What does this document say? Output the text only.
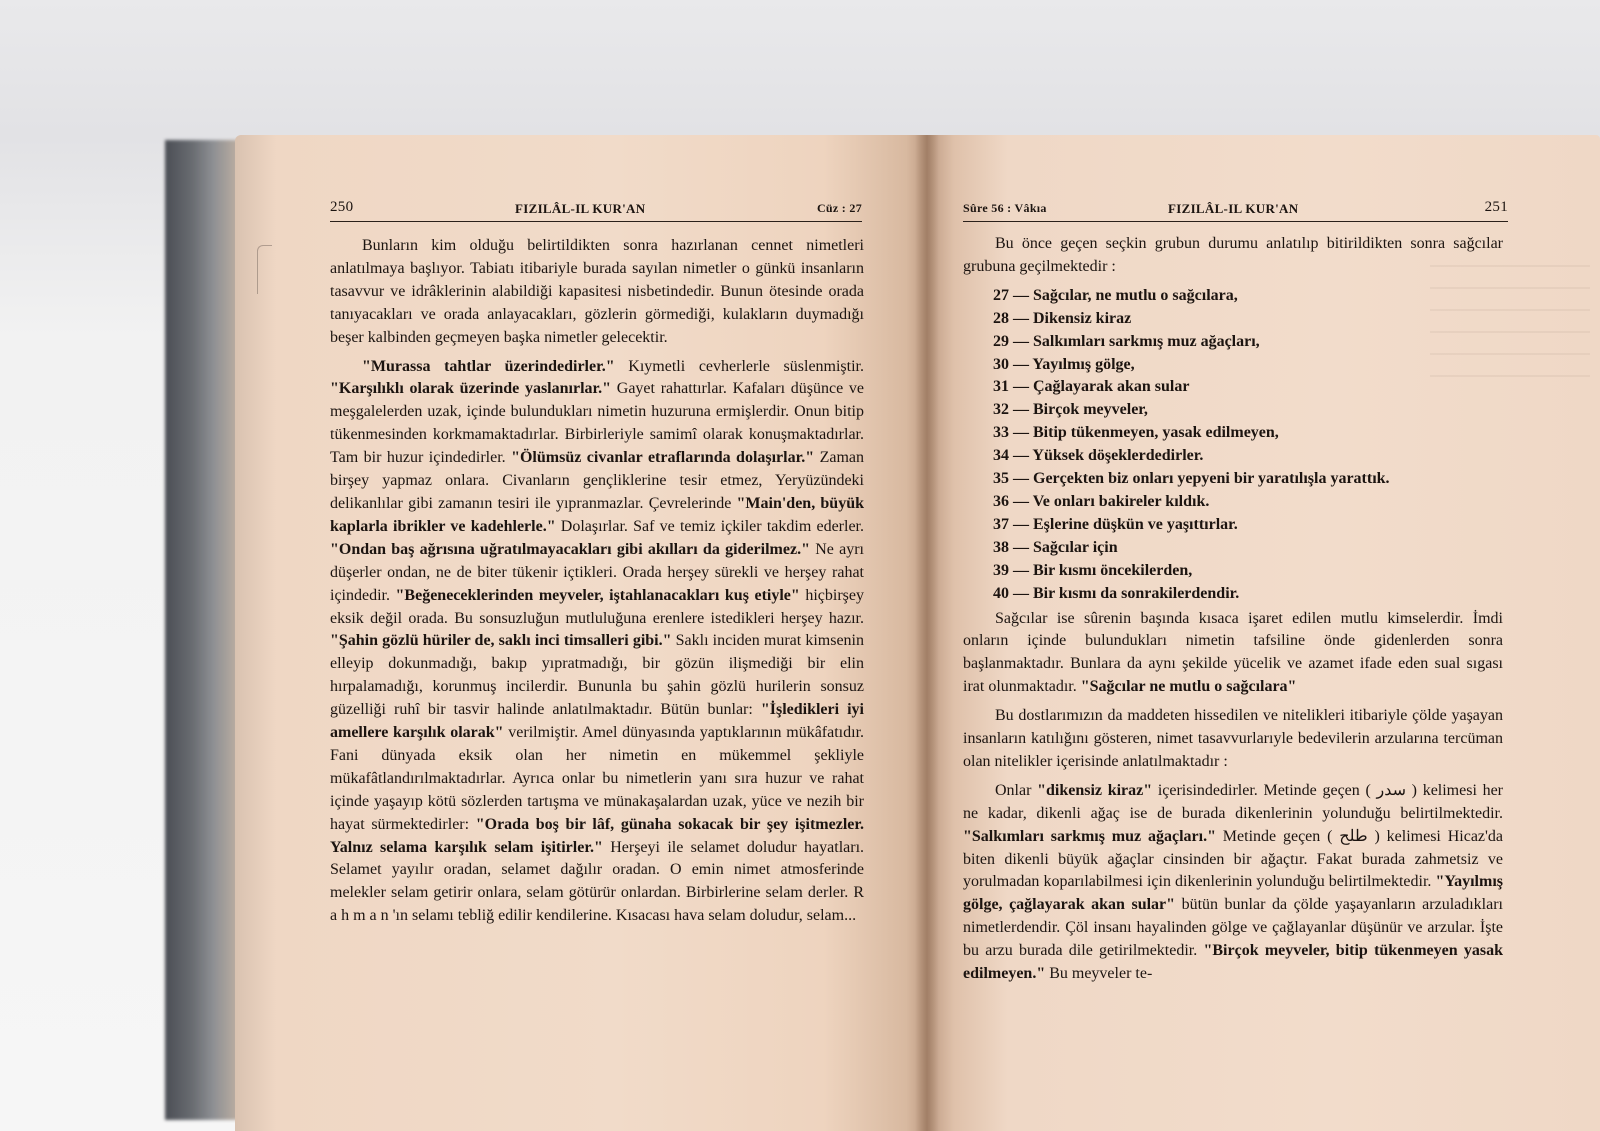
250	FIZILÂL-IL KUR'AN	Cüz : 27

Bunların kim olduğu belirtildikten sonra hazırlanan cennet nimetleri anlatılmaya başlıyor. Tabiatı itibariyle burada sayılan nimetler o günkü insanların tasavvur ve idrâklerinin alabildiği kapasitesi nisbetindedir. Bunun ötesinde orada tanıyacakları ve orada anlayacakları, gözlerin görmediği, kulakların duymadığı beşer kalbinden geçmeyen başka nimetler gelecektir.

"Murassa tahtlar üzerindedirler." Kıymetli cevherlerle süslenmiştir. "Karşılıklı olarak üzerinde yaslanırlar." Gayet rahattırlar. Kafaları düşünce ve meşgalelerden uzak, içinde bulundukları nimetin huzuruna ermişlerdir. Onun bitip tükenmesinden korkmamaktadırlar. Birbirleriyle samimî olarak konuşmaktadırlar. Tam bir huzur içindedirler. "Ölümsüz civanlar etraflarında dolaşırlar." Zaman birşey yapmaz onlara. Civanların gençliklerine tesir etmez, Yeryüzündeki delikanlılar gibi zamanın tesiri ile yıpranmazlar. Çevrelerinde "Main'den, büyük kaplarla ibrikler ve kadehlerle." Dolaşırlar. Saf ve temiz içkiler takdim ederler. "Ondan baş ağrısına uğratılmayacakları gibi akılları da giderilmez." Ne ayrı düşerler ondan, ne de biter tükenir içtikleri. Orada herşey sürekli ve herşey rahat içindedir. "Beğeneceklerinden meyveler, iştahlanacakları kuş etiyle" hiçbirşey eksik değil orada. Bu sonsuzluğun mutluluğuna erenlere istedikleri herşey hazır. "Şahin gözlü hüriler de, saklı inci timsalleri gibi." Saklı inciden murat kimsenin elleyip dokunmadığı, bakıp yıpratmadığı, bir gözün ilişmediği bir elin hırpalamadığı, korunmuş incilerdir. Bununla bu şahin gözlü hurilerin sonsuz güzelliği ruhî bir tasvir halinde anlatılmaktadır. Bütün bunlar: "İşledikleri iyi amellere karşılık olarak" verilmiştir. Amel dünyasında yaptıklarının mükâfatıdır. Fani dünyada eksik olan her nimetin en mükemmel şekliyle mükafâtlandırılmaktadırlar. Ayrıca onlar bu nimetlerin yanı sıra huzur ve rahat içinde yaşayıp kötü sözlerden tartışma ve münakaşalardan uzak, yüce ve nezih bir hayat sürmektedirler: "Orada boş bir lâf, günaha sokacak bir şey işitmezler. Yalnız selama karşılık selam işitirler." Herşeyi ile selamet doludur hayatları. Selamet yayılır oradan, selamet dağılır oradan. O emin nimet atmosferinde melekler selam getirir onlara, selam götürür onlardan. Birbirlerine selam derler. R a h m a n 'ın selamı tebliğ edilir kendilerine. Kısacası hava selam doludur, selam...

Sûre 56 : Vâkıa	FIZILÂL-IL KUR'AN	251

Bu önce geçen seçkin grubun durumu anlatılıp bitirildikten sonra sağcılar grubuna geçilmektedir :

27 — Sağcılar, ne mutlu o sağcılara,
28 — Dikensiz kiraz
29 — Salkımları sarkmış muz ağaçları,
30 — Yayılmış gölge,
31 — Çağlayarak akan sular
32 — Birçok meyveler,
33 — Bitip tükenmeyen, yasak edilmeyen,
34 — Yüksek döşeklerdedirler.
35 — Gerçekten biz onları yepyeni bir yaratılışla yarattık.
36 — Ve onları bakireler kıldık.
37 — Eşlerine düşkün ve yaşıttırlar.
38 — Sağcılar için
39 — Bir kısmı öncekilerden,
40 — Bir kısmı da sonrakilerdendir.

Sağcılar ise sûrenin başında kısaca işaret edilen mutlu kimselerdir. İmdi onların içinde bulundukları nimetin tafsiline önde gidenlerden sonra başlanmaktadır. Bunlara da aynı şekilde yücelik ve azamet ifade eden sual sıgası irat olunmaktadır. "Sağcılar ne mutlu o sağcılara"

Bu dostlarımızın da maddeten hissedilen ve nitelikleri itibariyle çölde yaşayan insanların katılığını gösteren, nimet tasavvurlarıyle bedevilerin arzularına tercüman olan nitelikler içerisinde anlatılmaktadır :

Onlar "dikensiz kiraz" içerisindedirler. Metinde geçen ( سدر ) kelimesi her ne kadar, dikenli ağaç ise de burada dikenlerinin yolunduğu belirtilmektedir. "Salkımları sarkmış muz ağaçları." Metinde geçen ( طلح ) kelimesi Hicaz'da biten dikenli büyük ağaçlar cinsinden bir ağaçtır. Fakat burada zahmetsiz ve yorulmadan koparılabilmesi için dikenlerinin yolunduğu belirtilmektedir. "Yayılmış gölge, çağlayarak akan sular" bütün bunlar da çölde yaşayanların arzuladıkları nimetlerdendir. Çöl insanı hayalinden gölge ve çağlayanlar düşünür ve arzular. İşte bu arzu burada dile getirilmektedir. "Birçok meyveler, bitip tükenmeyen yasak edilmeyen." Bu meyveler te-
